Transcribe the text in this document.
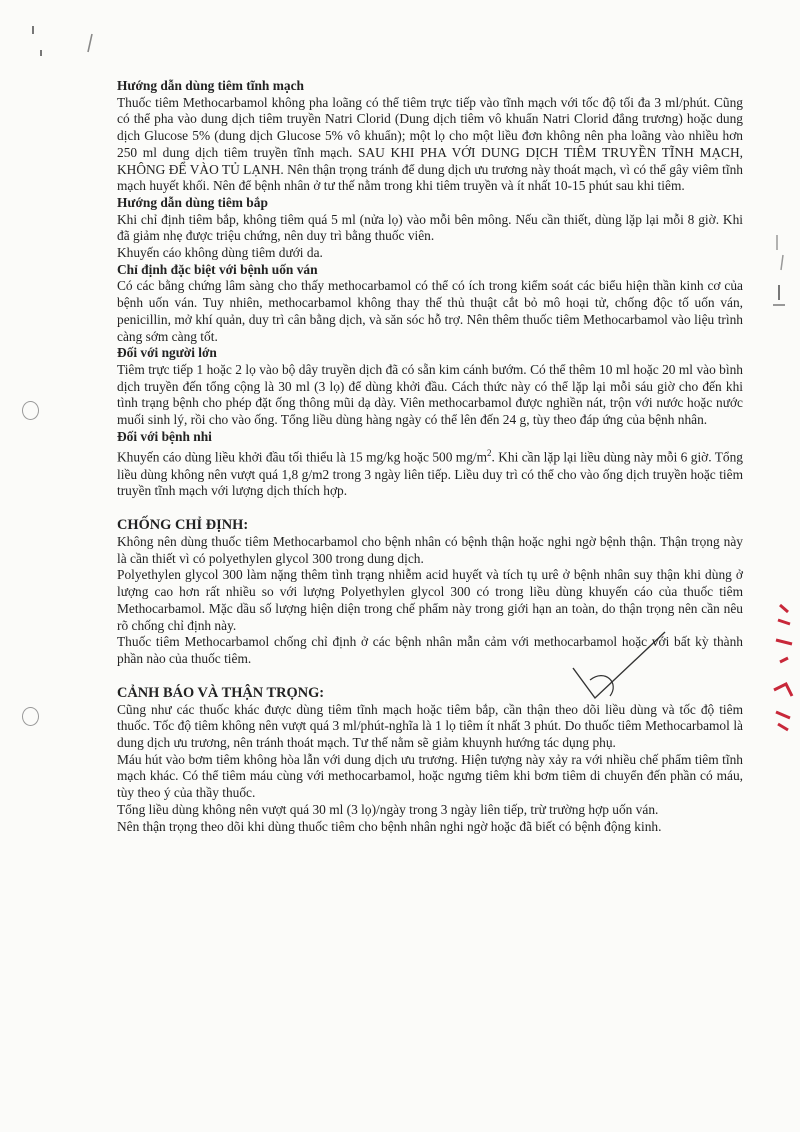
Hướng dẫn dùng tiêm tĩnh mạch

Thuốc tiêm Methocarbamol không pha loãng có thể tiêm trực tiếp vào tĩnh mạch với tốc độ tối đa 3 ml/phút. Cũng có thể pha vào dung dịch tiêm truyền Natri Clorid (Dung dịch tiêm vô khuẩn Natri Clorid đẳng trương) hoặc dung dịch Glucose 5% (dung dịch Glucose 5% vô khuẩn); một lọ cho một liều đơn không nên pha loãng vào nhiều hơn 250 ml dung dịch tiêm truyền tĩnh mạch. SAU KHI PHA VỚI DUNG DỊCH TIÊM TRUYỀN TĨNH MẠCH, KHÔNG ĐỂ VÀO TỦ LẠNH. Nên thận trọng tránh để dung dịch ưu trương này thoát mạch, vì có thể gây viêm tĩnh mạch huyết khối. Nên để bệnh nhân ở tư thế nằm trong khi tiêm truyền và ít nhất 10-15 phút sau khi tiêm.

Hướng dẫn dùng tiêm bắp

Khi chỉ định tiêm bắp, không tiêm quá 5 ml (nửa lọ) vào mỗi bên mông. Nếu cần thiết, dùng lặp lại mỗi 8 giờ. Khi đã giảm nhẹ được triệu chứng, nên duy trì bằng thuốc viên.

Khuyến cáo không dùng tiêm dưới da.

Chỉ định đặc biệt với bệnh uốn ván

Có các bằng chứng lâm sàng cho thấy methocarbamol có thể có ích trong kiểm soát các biểu hiện thần kinh cơ của bệnh uốn ván. Tuy nhiên, methocarbamol không thay thế thủ thuật cắt bỏ mô hoại tử, chống độc tố uốn ván, penicillin, mở khí quản, duy trì cân bằng dịch, và săn sóc hỗ trợ. Nên thêm thuốc tiêm Methocarbamol vào liệu trình càng sớm càng tốt.

Đối với người lớn

Tiêm trực tiếp 1 hoặc 2 lọ vào bộ dây truyền dịch đã có sẵn kim cánh bướm. Có thể thêm 10 ml hoặc 20 ml vào bình dịch truyền đến tổng cộng là 30 ml (3 lọ) để dùng khởi đầu. Cách thức này có thể lặp lại mỗi sáu giờ cho đến khi tình trạng bệnh cho phép đặt ống thông mũi dạ dày. Viên methocarbamol được nghiền nát, trộn với nước hoặc nước muối sinh lý, rồi cho vào ống. Tổng liều dùng hàng ngày có thể lên đến 24 g, tùy theo đáp ứng của bệnh nhân.

Đối với bệnh nhi

Khuyến cáo dùng liều khởi đầu tối thiểu là 15 mg/kg hoặc 500 $mg/m^2$. Khi cần lặp lại liều dùng này mỗi 6 giờ. Tổng liều dùng không nên vượt quá 1,8 g/m2 trong 3 ngày liên tiếp. Liều duy trì có thể cho vào ống dịch truyền hoặc tiêm truyền tĩnh mạch với lượng dịch thích hợp.

CHỐNG CHỈ ĐỊNH:

Không nên dùng thuốc tiêm Methocarbamol cho bệnh nhân có bệnh thận hoặc nghi ngờ bệnh thận. Thận trọng này là cần thiết vì có polyethylen glycol 300 trong dung dịch.

Polyethylen glycol 300 làm nặng thêm tình trạng nhiễm acid huyết và tích tụ urê ở bệnh nhân suy thận khi dùng ở lượng cao hơn rất nhiều so với lượng Polyethylen glycol 300 có trong liều dùng khuyến cáo của thuốc tiêm Methocarbamol. Mặc dầu số lượng hiện diện trong chế phẩm này trong giới hạn an toàn, do thận trọng nên cần nêu rõ chống chỉ định này.

Thuốc tiêm Methocarbamol chống chỉ định ở các bệnh nhân mẫn cảm với methocarbamol hoặc với bất kỳ thành phần nào của thuốc tiêm.

CẢNH BÁO VÀ THẬN TRỌNG:

Cũng như các thuốc khác được dùng tiêm tĩnh mạch hoặc tiêm bắp, cần thận theo dõi liều dùng và tốc độ tiêm thuốc. Tốc độ tiêm không nên vượt quá 3 ml/phút-nghĩa là 1 lọ tiêm ít nhất 3 phút. Do thuốc tiêm Methocarbamol là dung dịch ưu trương, nên tránh thoát mạch. Tư thế nằm sẽ giảm khuynh hướng tác dụng phụ.

Máu hút vào bơm tiêm không hòa lẫn với dung dịch ưu trương. Hiện tượng này xảy ra với nhiều chế phẩm tiêm tĩnh mạch khác. Có thể tiêm máu cùng với methocarbamol, hoặc ngưng tiêm khi bơm tiêm di chuyển đến phần có máu, tùy theo ý của thầy thuốc.

Tổng liều dùng không nên vượt quá 30 ml (3 lọ)/ngày trong 3 ngày liên tiếp, trừ trường hợp uốn ván.

Nên thận trọng theo dõi khi dùng thuốc tiêm cho bệnh nhân nghi ngờ hoặc đã biết có bệnh động kinh.
